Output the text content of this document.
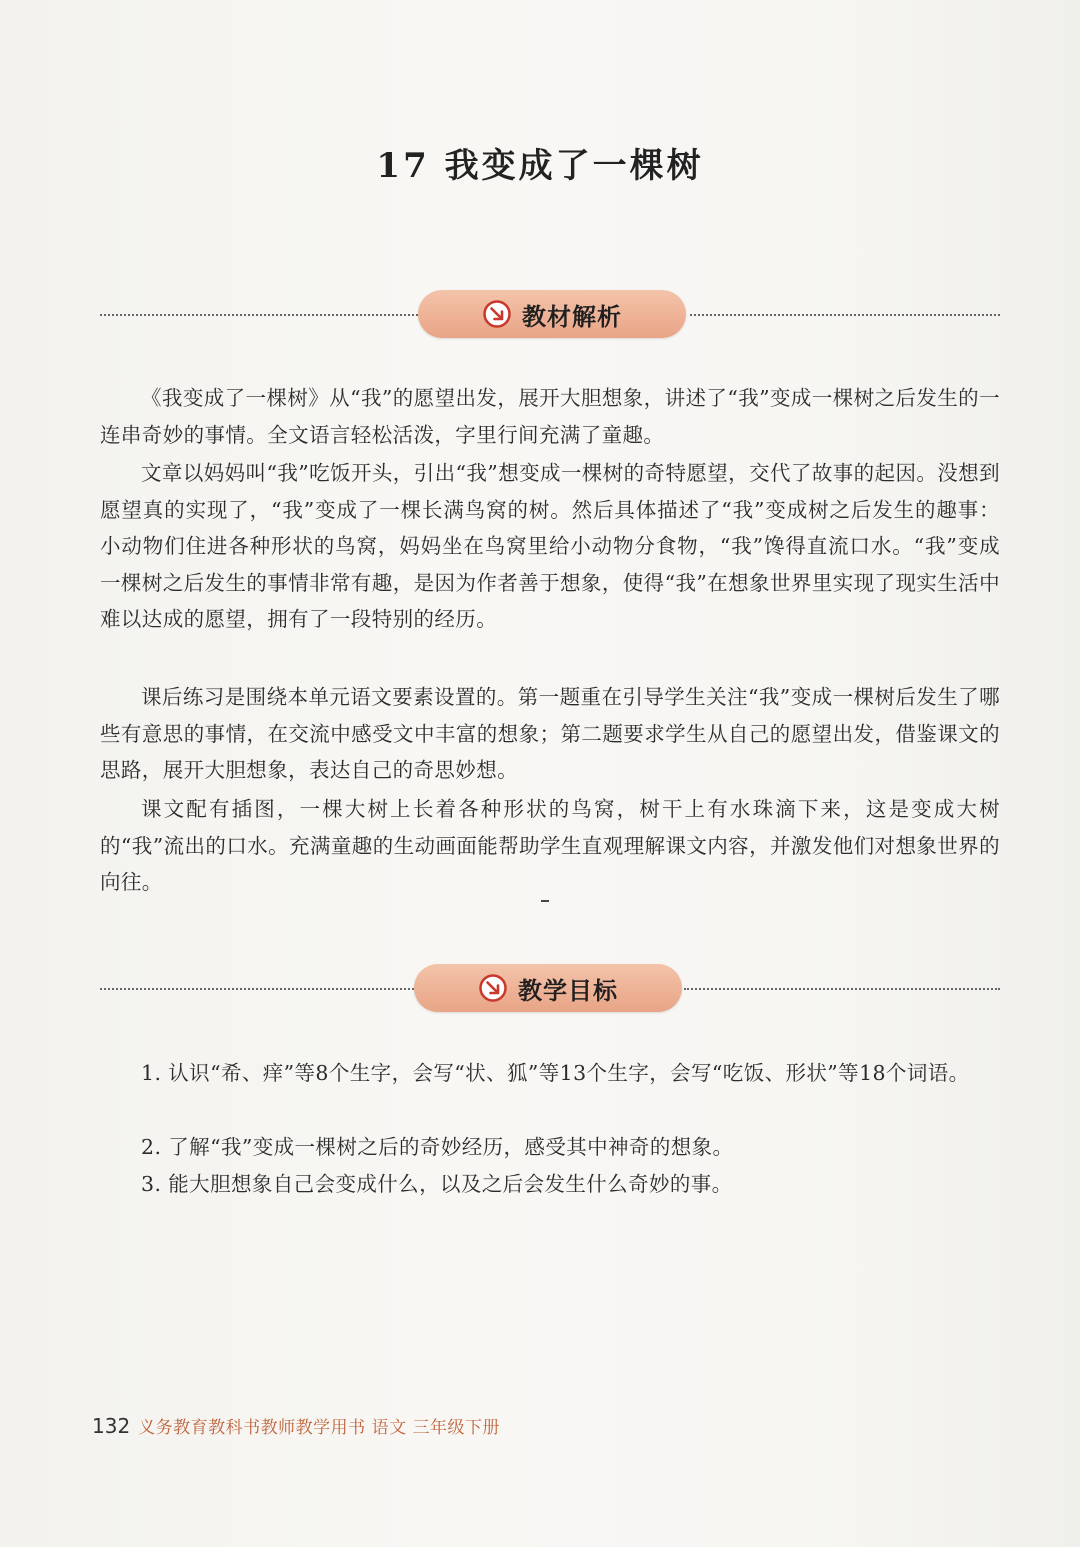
17 我变成了一棵树
教材解析

《我变成了一棵树》从“我”的愿望出发，展开大胆想象，讲述了“我”变成一棵树之后发生的一连串奇妙的事情。全文语言轻松活泼，字里行间充满了童趣。

文章以妈妈叫“我”吃饭开头，引出“我”想变成一棵树的奇特愿望，交代了故事的起因。没想到愿望真的实现了，“我”变成了一棵长满鸟窝的树。然后具体描述了“我”变成树之后发生的趣事：小动物们住进各种形状的鸟窝，妈妈坐在鸟窝里给小动物分食物，“我”馋得直流口水。“我”变成一棵树之后发生的事情非常有趣，是因为作者善于想象，使得“我”在想象世界里实现了现实生活中难以达成的愿望，拥有了一段特别的经历。

课后练习是围绕本单元语文要素设置的。第一题重在引导学生关注“我”变成一棵树后发生了哪些有意思的事情，在交流中感受文中丰富的想象；第二题要求学生从自己的愿望出发，借鉴课文的思路，展开大胆想象，表达自己的奇思妙想。

课文配有插图，一棵大树上长着各种形状的鸟窝，树干上有水珠滴下来，这是变成大树的“我”流出的口水。充满童趣的生动画面能帮助学生直观理解课文内容，并激发他们对想象世界的向往。

教学目标

1. 认识“希、痒”等8个生字，会写“状、狐”等13个生字，会写“吃饭、形状”等18个词语。

2. 了解“我”变成一棵树之后的奇妙经历，感受其中神奇的想象。

3. 能大胆想象自己会变成什么，以及之后会发生什么奇妙的事。

132 义务教育教科书教师教学用书 语文 三年级下册
